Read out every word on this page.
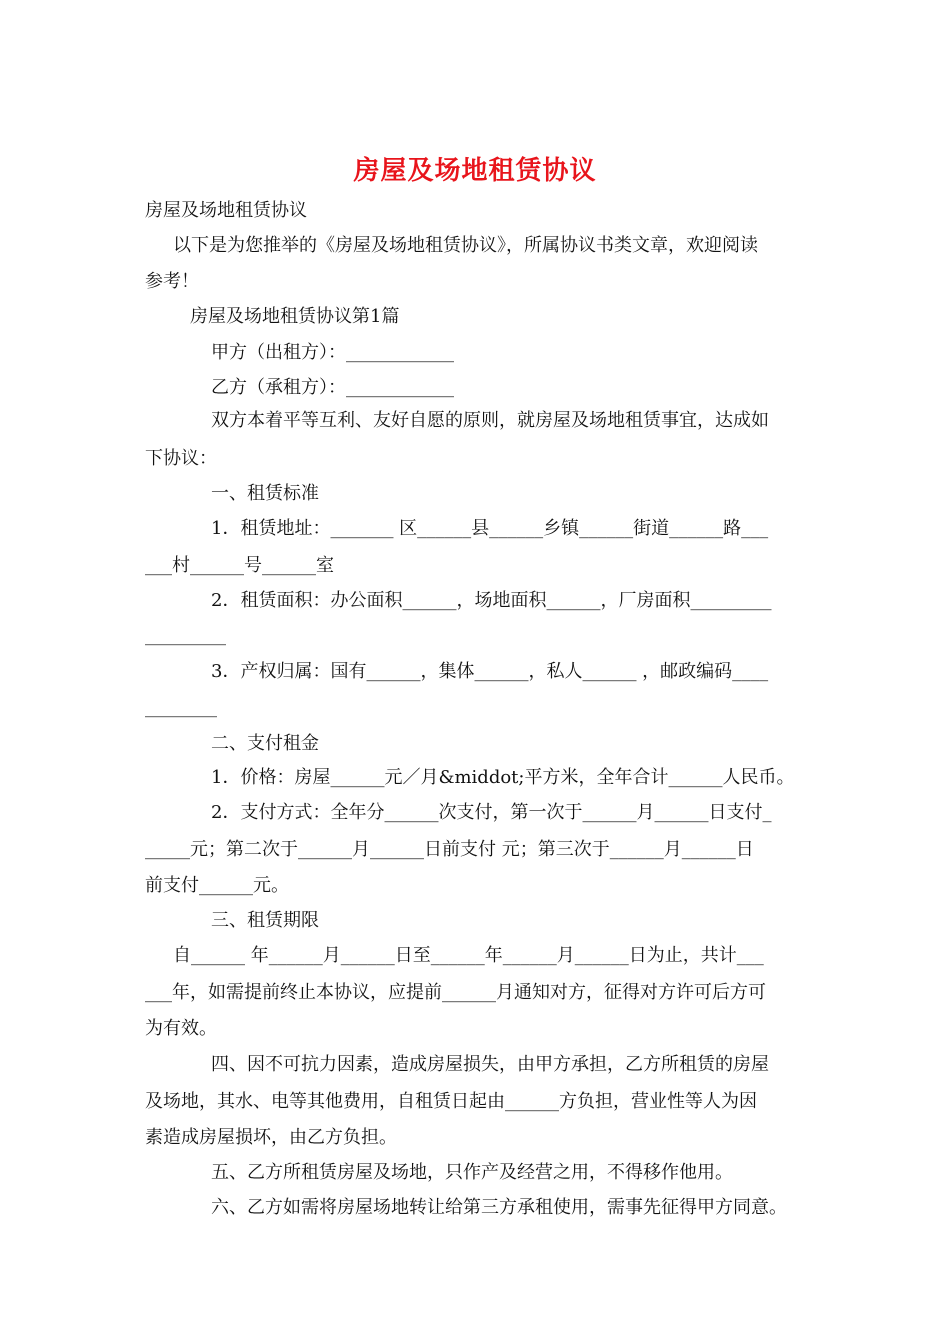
房屋及场地租赁协议
房屋及场地租赁协议
以下是为您推举的《房屋及场地租赁协议》，所属协议书类文章，欢迎阅读
参考！
房屋及场地租赁协议第1篇
甲方（出租方）：____________
乙方（承租方）：____________
双方本着平等互利、友好自愿的原则，就房屋及场地租赁事宜，达成如
下协议：
一、租赁标准
1．租赁地址：_______ 区______县______乡镇______街道______路___
___村______号______室
2．租赁面积：办公面积______，场地面积______，厂房面积_________
_________
3．产权归属：国有______，集体______，私人______ ，邮政编码____
________
二、支付租金
1．价格：房屋______元／月&middot;平方米，全年合计______人民币。
2．支付方式：全年分______次支付，第一次于______月______日支付_
_____元；第二次于______月______日前支付 元；第三次于______月______日
前支付______元。
三、租赁期限
自______ 年______月______日至______年______月______日为止，共计___
___年，如需提前终止本协议，应提前______月通知对方，征得对方许可后方可
为有效。
四、因不可抗力因素，造成房屋损失，由甲方承担，乙方所租赁的房屋
及场地，其水、电等其他费用，自租赁日起由______方负担，营业性等人为因
素造成房屋损坏，由乙方负担。
五、乙方所租赁房屋及场地，只作产及经营之用，不得移作他用。
六、乙方如需将房屋场地转让给第三方承租使用，需事先征得甲方同意。
